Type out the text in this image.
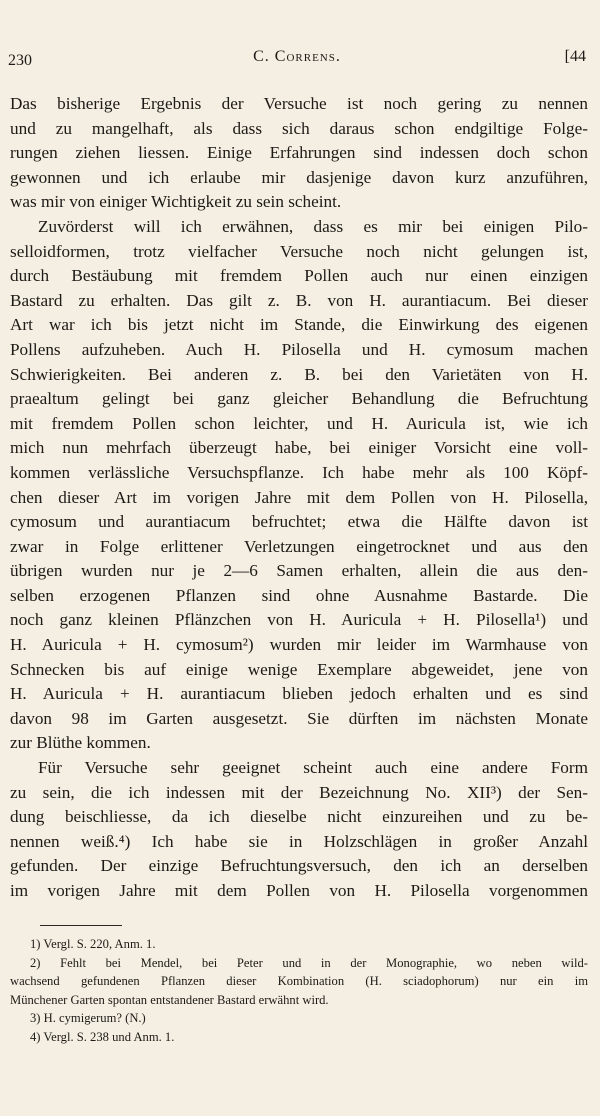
230	C. Correns.	[44
Das bisherige Ergebnis der Versuche ist noch gering zu nennen
und zu mangelhaft, als dass sich daraus schon endgiltige Folge-
rungen ziehen liessen. Einige Erfahrungen sind indessen doch schon
gewonnen und ich erlaube mir dasjenige davon kurz anzuführen,
was mir von einiger Wichtigkeit zu sein scheint.
Zuvörderst will ich erwähnen, dass es mir bei einigen Pilo-
selloidformen, trotz vielfacher Versuche noch nicht gelungen ist,
durch Bestäubung mit fremdem Pollen auch nur einen einzigen
Bastard zu erhalten. Das gilt z. B. von H. aurantiacum. Bei dieser
Art war ich bis jetzt nicht im Stande, die Einwirkung des eigenen
Pollens aufzuheben. Auch H. Pilosella und H. cymosum machen
Schwierigkeiten. Bei anderen z. B. bei den Varietäten von H.
praealtum gelingt bei ganz gleicher Behandlung die Befruchtung
mit fremdem Pollen schon leichter, und H. Auricula ist, wie ich
mich nun mehrfach überzeugt habe, bei einiger Vorsicht eine voll-
kommen verlässliche Versuchspflanze. Ich habe mehr als 100 Köpf-
chen dieser Art im vorigen Jahre mit dem Pollen von H. Pilosella,
cymosum und aurantiacum befruchtet; etwa die Hälfte davon ist
zwar in Folge erlittener Verletzungen eingetrocknet und aus den
übrigen wurden nur je 2—6 Samen erhalten, allein die aus den-
selben erzogenen Pflanzen sind ohne Ausnahme Bastarde. Die
noch ganz kleinen Pflänzchen von H. Auricula + H. Pilosella¹) und
H. Auricula + H. cymosum²) wurden mir leider im Warmhause von
Schnecken bis auf einige wenige Exemplare abgeweidet, jene von
H. Auricula + H. aurantiacum blieben jedoch erhalten und es sind
davon 98 im Garten ausgesetzt. Sie dürften im nächsten Monate
zur Blüthe kommen.
Für Versuche sehr geeignet scheint auch eine andere Form
zu sein, die ich indessen mit der Bezeichnung No. XII³) der Sen-
dung beischliesse, da ich dieselbe nicht einzureihen und zu be-
nennen weiß.⁴) Ich habe sie in Holzschlägen in großer Anzahl
gefunden. Der einzige Befruchtungsversuch, den ich an derselben
im vorigen Jahre mit dem Pollen von H. Pilosella vorgenommen
1) Vergl. S. 220, Anm. 1.
2) Fehlt bei Mendel, bei Peter und in der Monographie, wo neben wild-
wachsend gefundenen Pflanzen dieser Kombination (H. sciadophorum) nur ein im
Münchener Garten spontan entstandener Bastard erwähnt wird.
3) H. cymigerum? (N.)
4) Vergl. S. 238 und Anm. 1.
